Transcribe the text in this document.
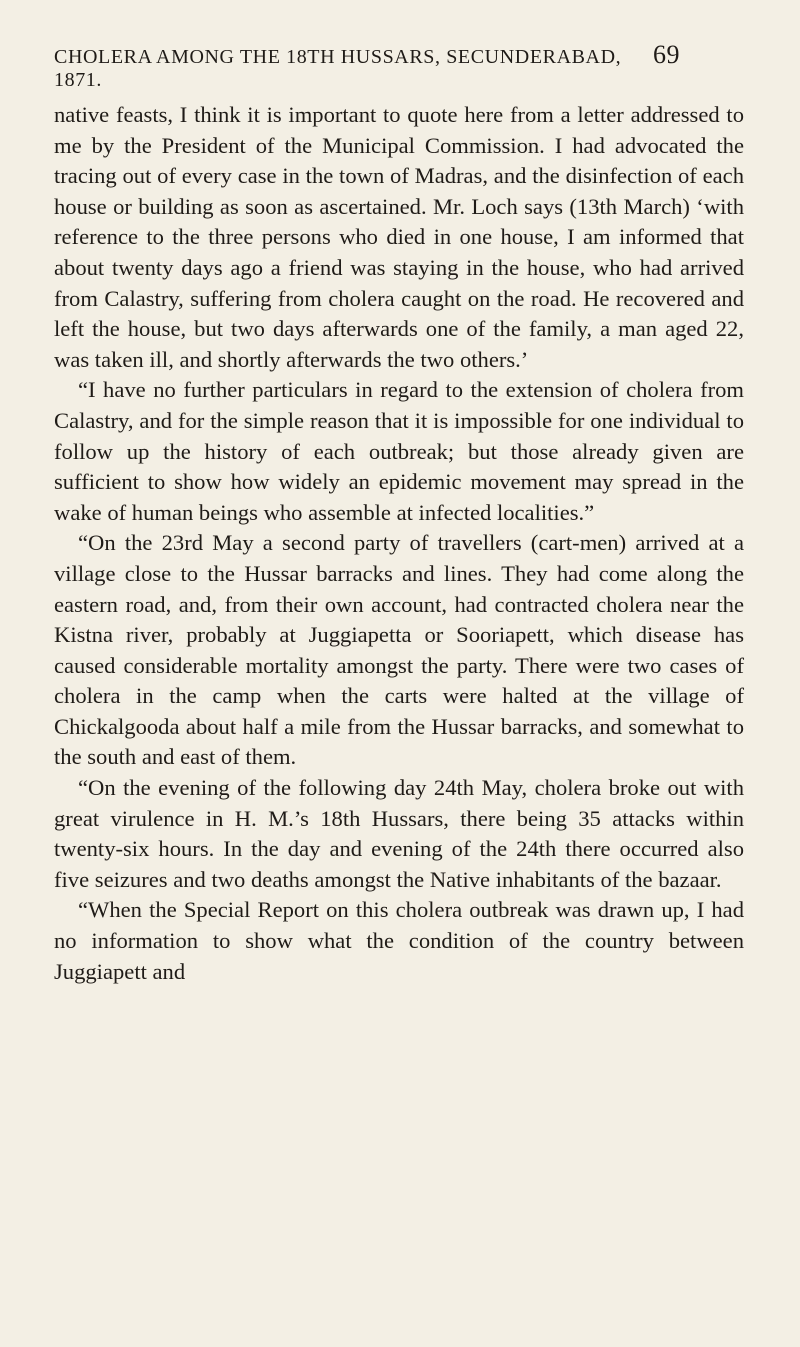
CHOLERA AMONG THE 18TH HUSSARS, SECUNDERABAD, 1871.
69

native feasts, I think it is important to quote here from a letter addressed to me by the President of the Municipal Commission. I had advocated the tracing out of every case in the town of Madras, and the disinfection of each house or building as soon as ascertained. Mr. Loch says (13th March) ‘with reference to the three persons who died in one house, I am informed that about twenty days ago a friend was staying in the house, who had arrived from Calastry, suffering from cholera caught on the road. He recovered and left the house, but two days afterwards one of the family, a man aged 22, was taken ill, and shortly afterwards the two others.’

“I have no further particulars in regard to the extension of cholera from Calastry, and for the simple reason that it is impossible for one individual to follow up the history of each outbreak; but those already given are sufficient to show how widely an epidemic movement may spread in the wake of human beings who assemble at infected localities.”

“On the 23rd May a second party of travellers (cart-men) arrived at a village close to the Hussar barracks and lines. They had come along the eastern road, and, from their own account, had contracted cholera near the Kistna river, probably at Juggiapetta or Sooriapett, which disease has caused considerable mortality amongst the party. There were two cases of cholera in the camp when the carts were halted at the village of Chickalgooda about half a mile from the Hussar barracks, and somewhat to the south and east of them.

“On the evening of the following day 24th May, cholera broke out with great virulence in H. M.’s 18th Hussars, there being 35 attacks within twenty-six hours. In the day and evening of the 24th there occurred also five seizures and two deaths amongst the Native inhabitants of the bazaar.

“When the Special Report on this cholera outbreak was drawn up, I had no information to show what the condition of the country between Juggiapett and
